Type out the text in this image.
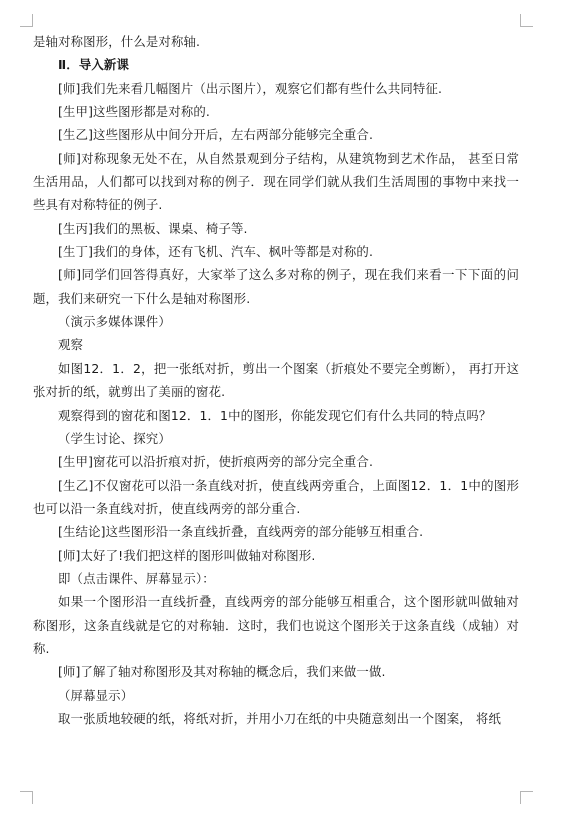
是轴对称图形，什么是对称轴.

Ⅱ．导入新课

[师]我们先来看几幅图片（出示图片），观察它们都有些什么共同特征.

[生甲]这些图形都是对称的.

[生乙]这些图形从中间分开后，左右两部分能够完全重合.

[师]对称现象无处不在，从自然景观到分子结构，从建筑物到艺术作品， 甚至日常生活用品，人们都可以找到对称的例子．现在同学们就从我们生活周围的事物中来找一些具有对称特征的例子.

[生丙]我们的黑板、课桌、椅子等.

[生丁]我们的身体，还有飞机、汽车、枫叶等都是对称的.

[师]同学们回答得真好，大家举了这么多对称的例子，现在我们来看一下下面的问题，我们来研究一下什么是轴对称图形.

（演示多媒体课件）

观察

如图12．1．2，把一张纸对折，剪出一个图案（折痕处不要完全剪断）， 再打开这张对折的纸，就剪出了美丽的窗花.

观察得到的窗花和图12．1．1中的图形，你能发现它们有什么共同的特点吗？

（学生讨论、探究）

[生甲]窗花可以沿折痕对折，使折痕两旁的部分完全重合.

[生乙]不仅窗花可以沿一条直线对折，使直线两旁重合，上面图12．1．1中的图形也可以沿一条直线对折，使直线两旁的部分重合.

[生结论]这些图形沿一条直线折叠，直线两旁的部分能够互相重合.

[师]太好了!我们把这样的图形叫做轴对称图形.

即（点击课件、屏幕显示）：

如果一个图形沿一直线折叠，直线两旁的部分能够互相重合，这个图形就叫做轴对称图形，这条直线就是它的对称轴．这时，我们也说这个图形关于这条直线（成轴）对称.

[师]了解了轴对称图形及其对称轴的概念后，我们来做一做.

（屏幕显示）

取一张质地较硬的纸，将纸对折，并用小刀在纸的中央随意刻出一个图案， 将纸
